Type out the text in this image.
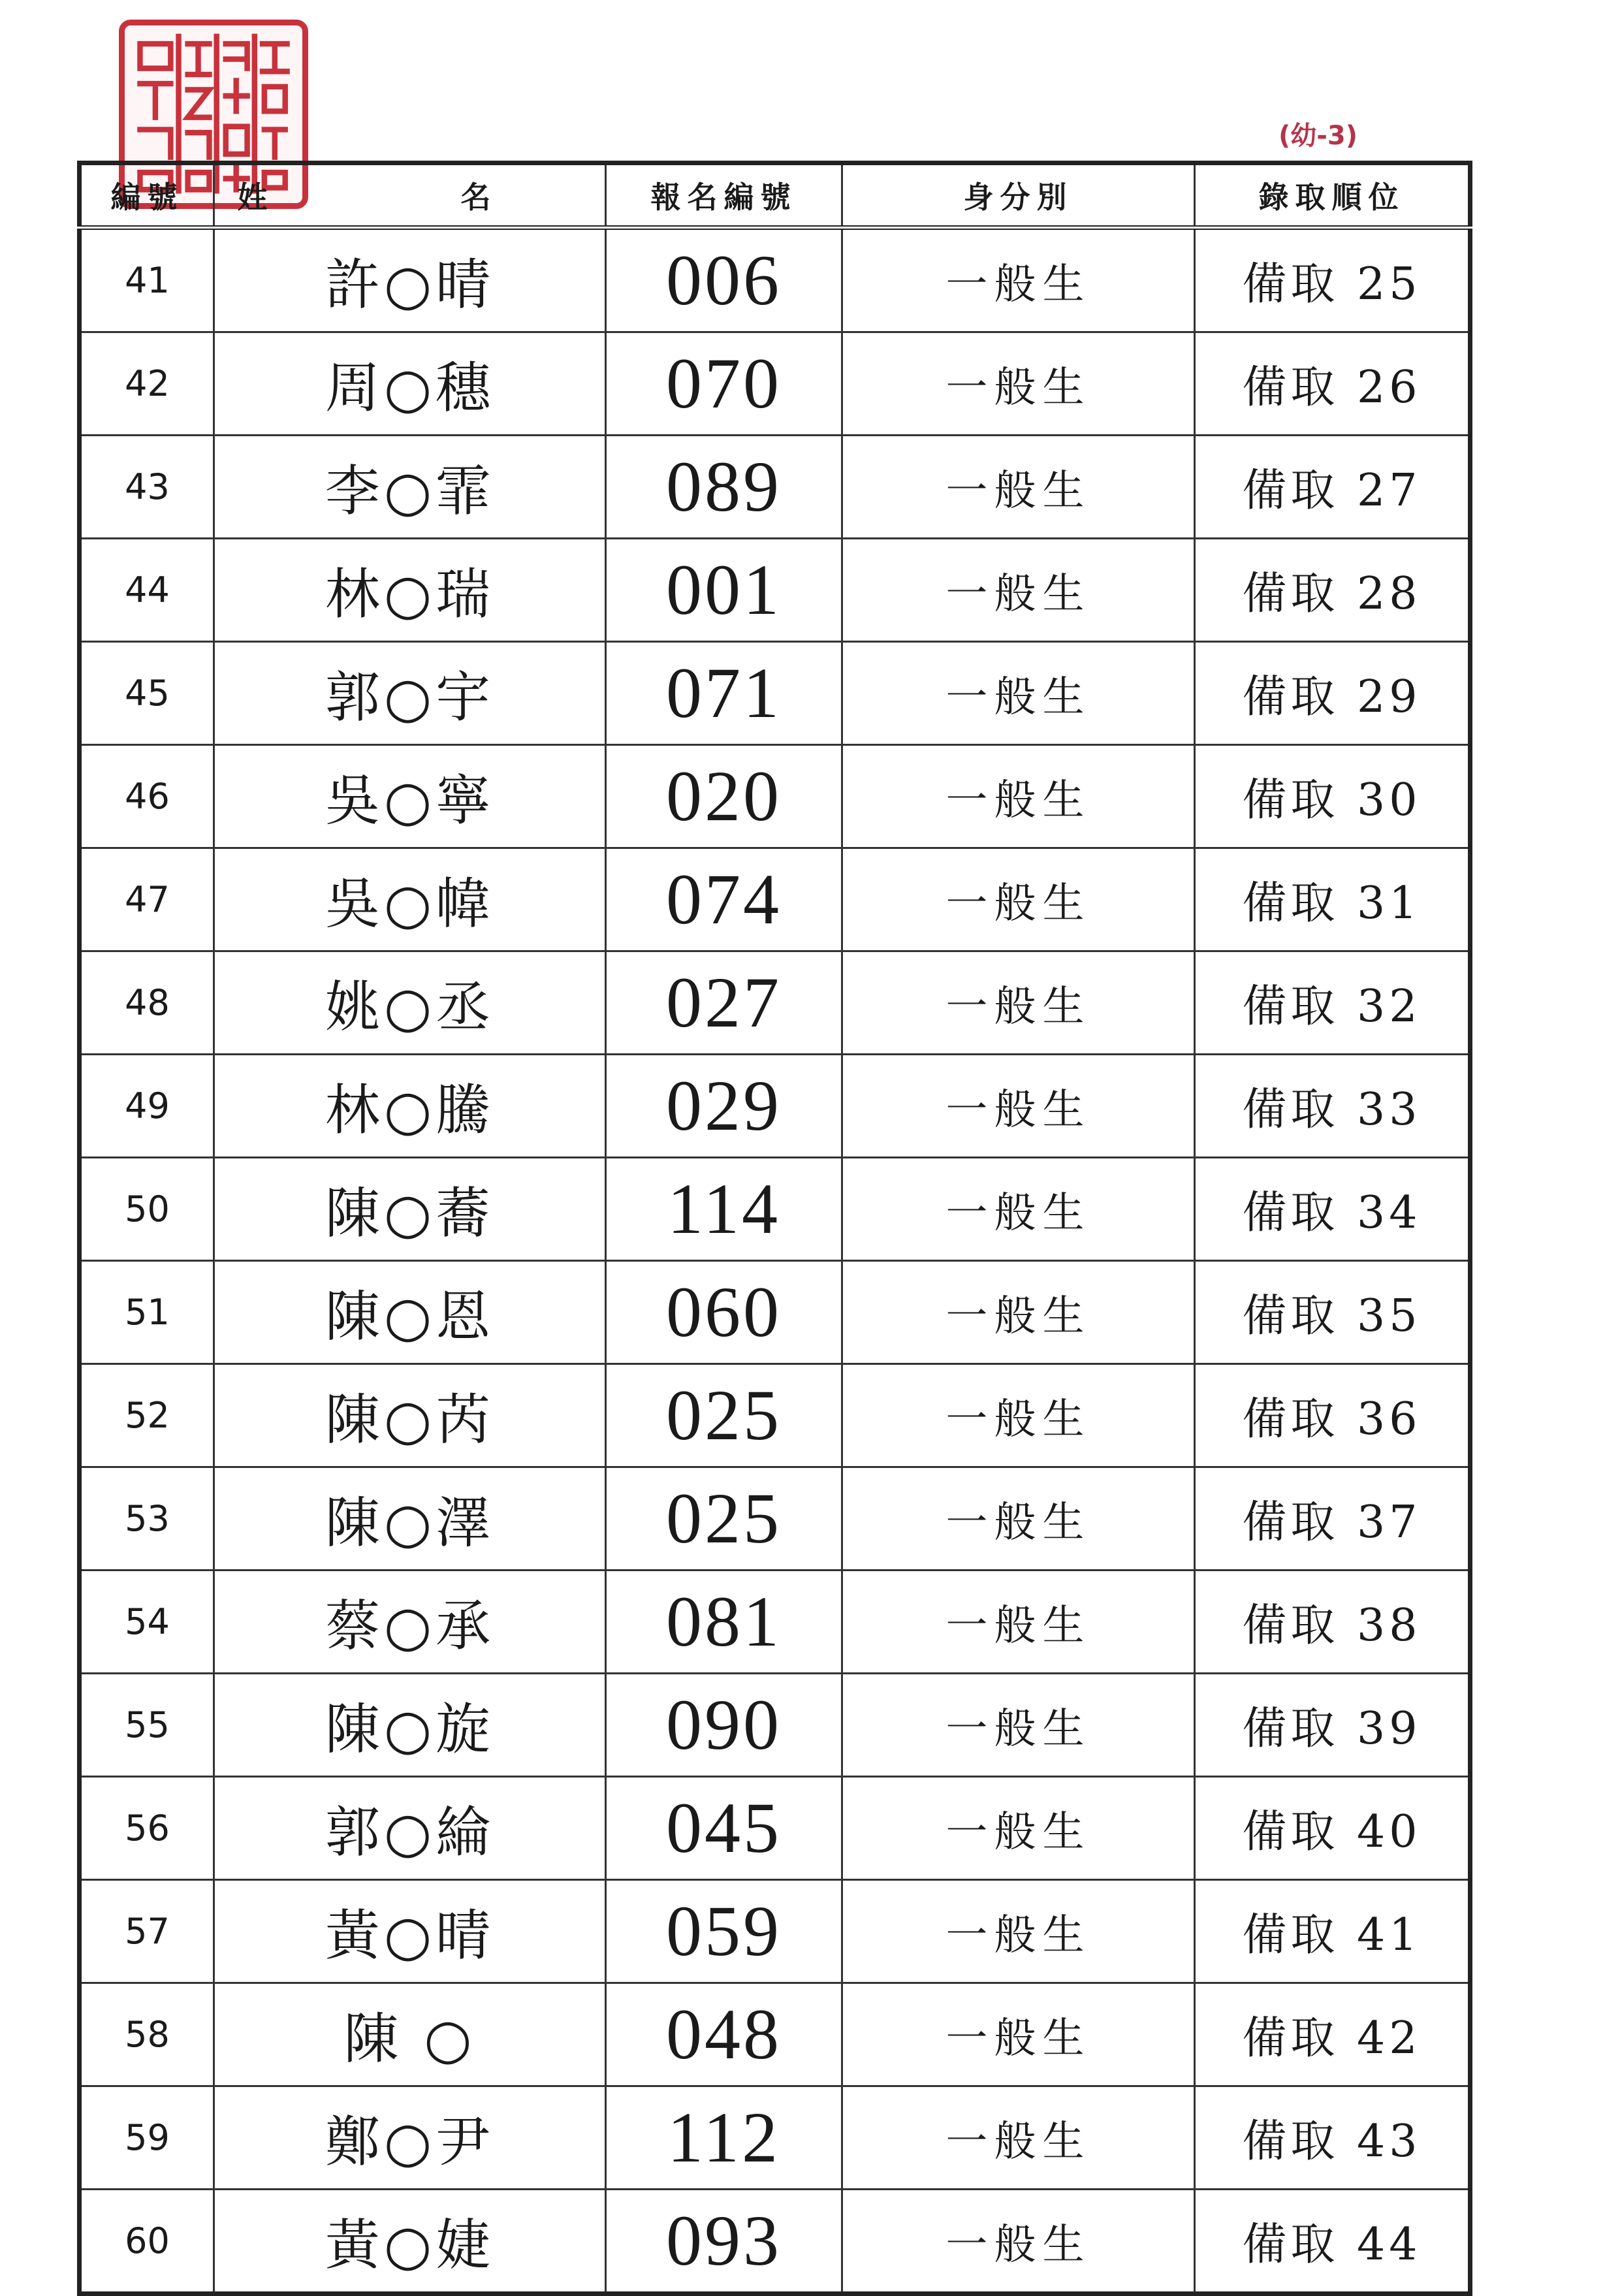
(幼-3)
編號	姓 名	報名編號	身分別	錄取順位
41	許○晴	006	一般生	備取 25
42	周○穗	070	一般生	備取 26
43	李○霏	089	一般生	備取 27
44	林○瑞	001	一般生	備取 28
45	郭○宇	071	一般生	備取 29
46	吳○寧	020	一般生	備取 30
47	吳○幃	074	一般生	備取 31
48	姚○丞	027	一般生	備取 32
49	林○騰	029	一般生	備取 33
50	陳○蕎	114	一般生	備取 34
51	陳○恩	060	一般生	備取 35
52	陳○芮	025	一般生	備取 36
53	陳○澤	025	一般生	備取 37
54	蔡○承	081	一般生	備取 38
55	陳○旋	090	一般生	備取 39
56	郭○綸	045	一般生	備取 40
57	黃○晴	059	一般生	備取 41
58	陳 ○	048	一般生	備取 42
59	鄭○尹	112	一般生	備取 43
60	黃○婕	093	一般生	備取 44
